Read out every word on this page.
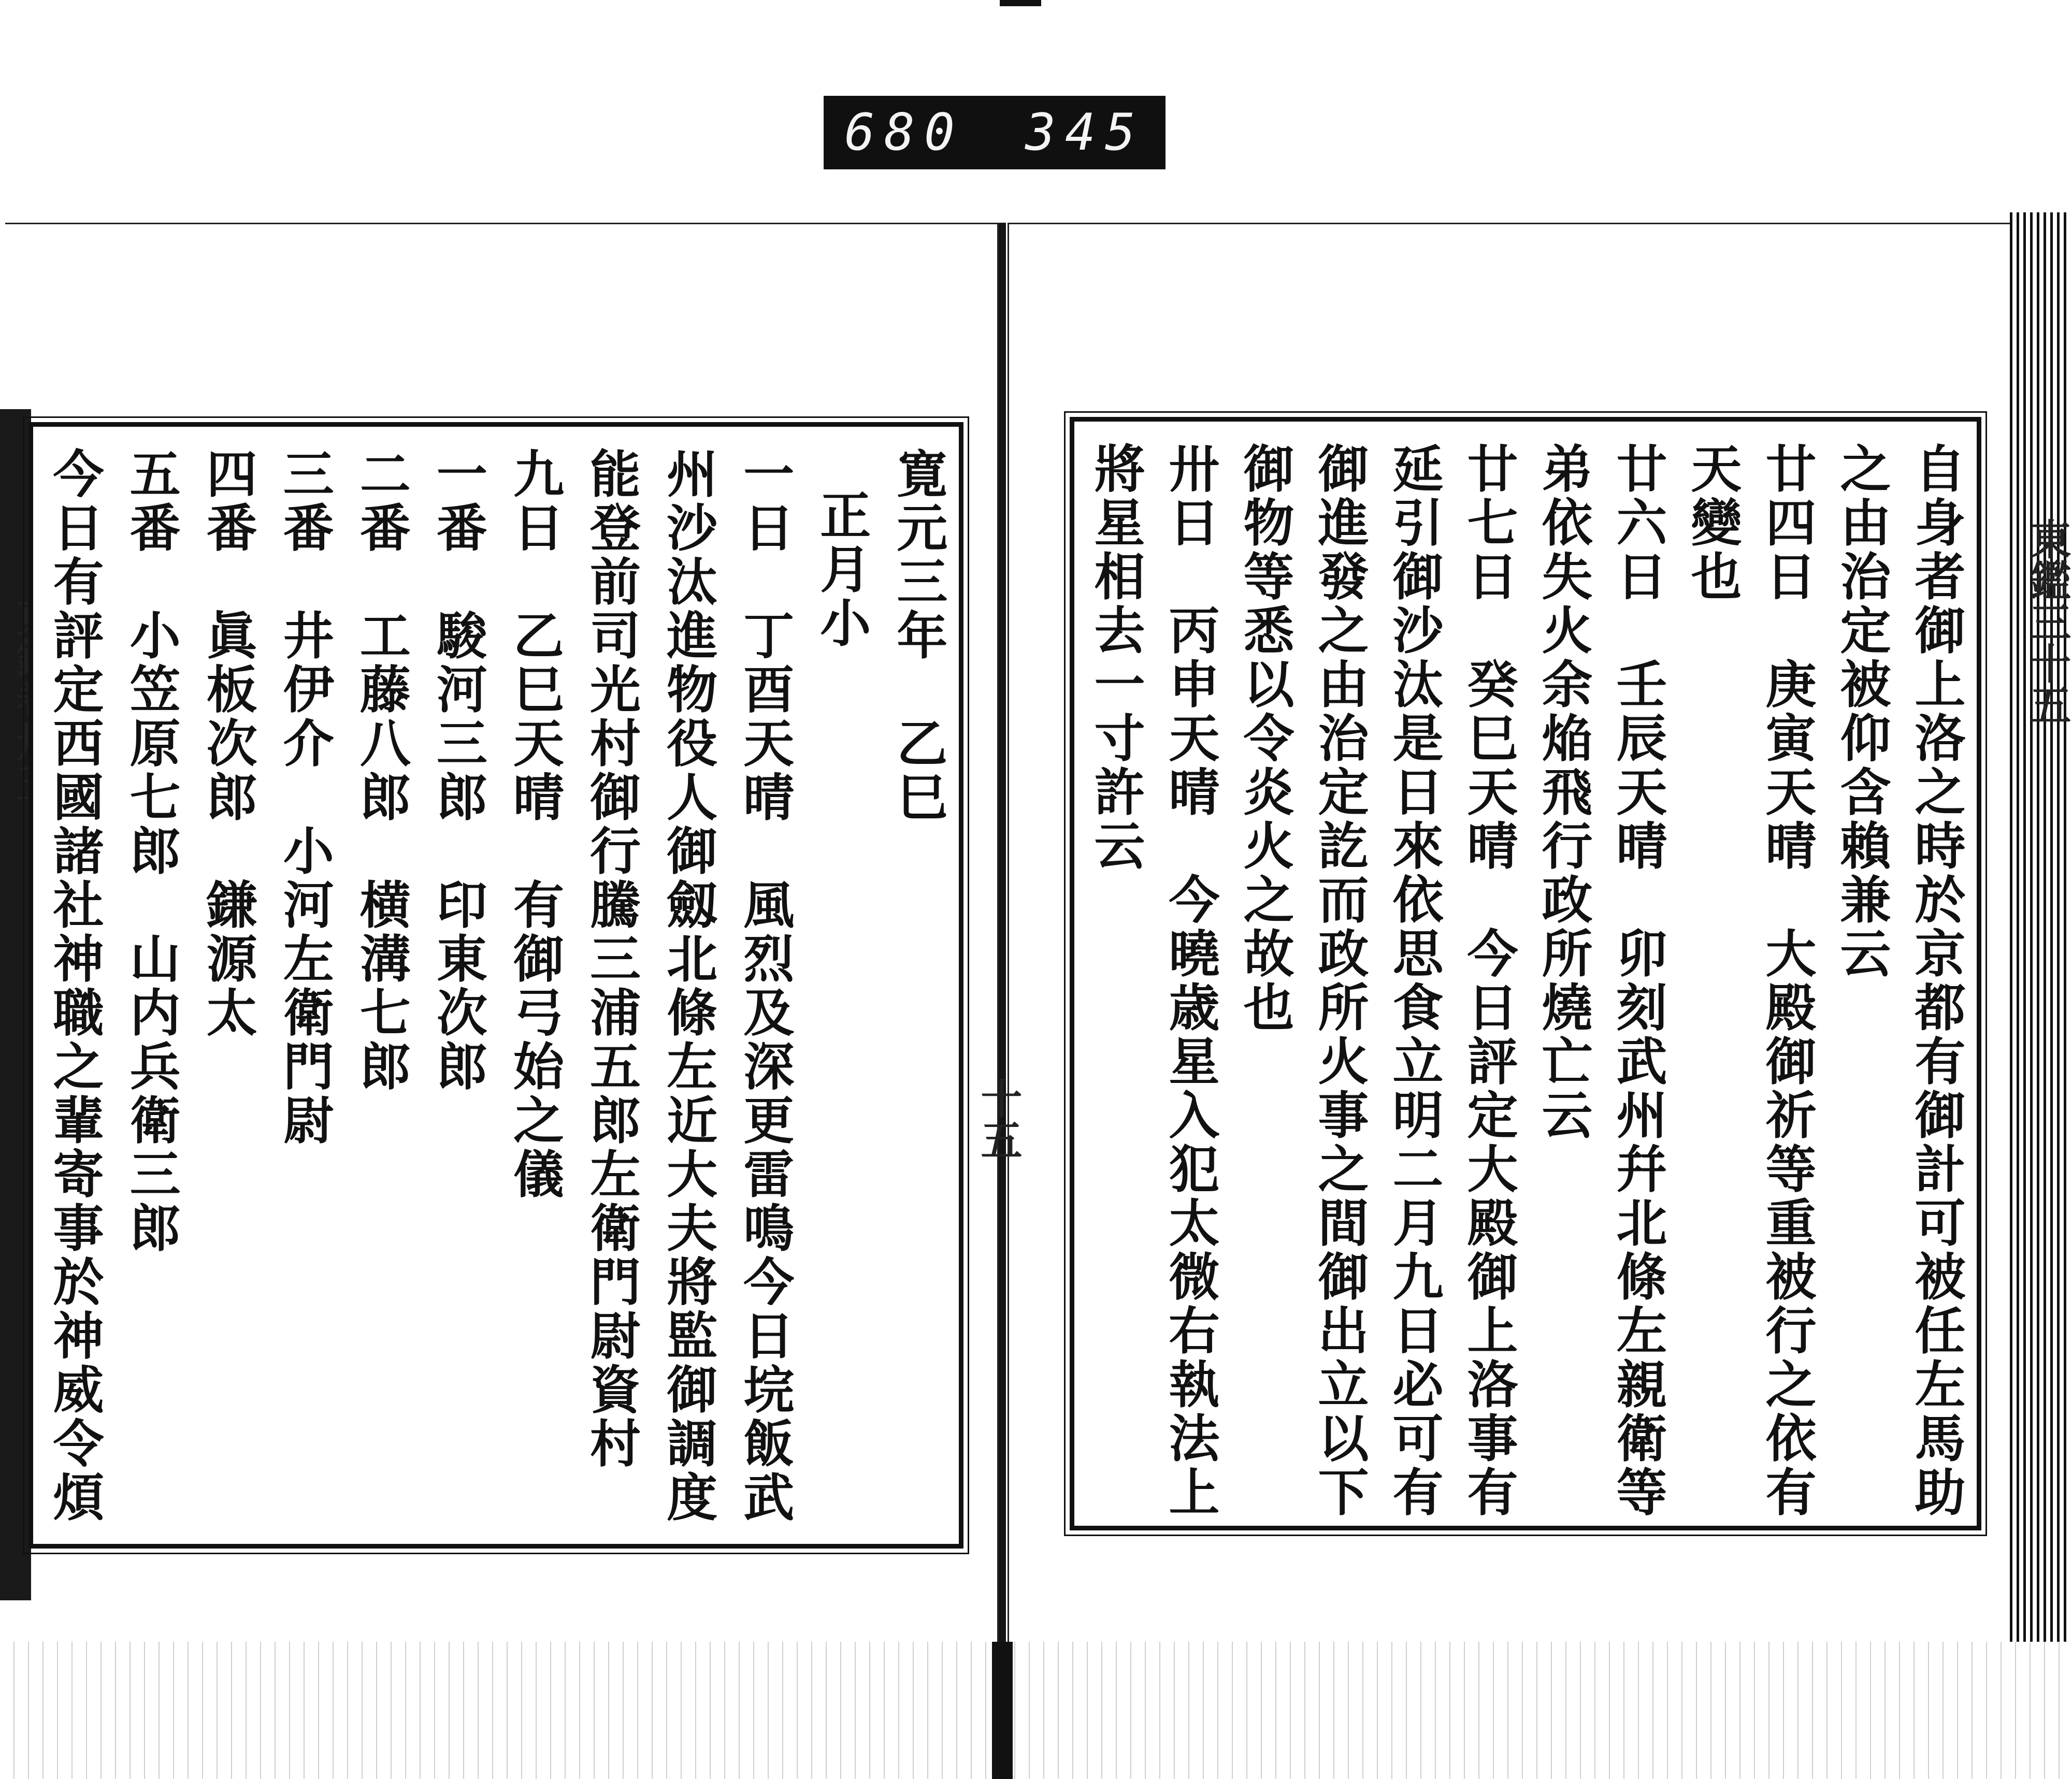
680 345
十五
東鑑三十五
寛元三年　乙巳
正月小
一日　丁酉天晴　風烈及深更雷鳴今日垸飯武
州沙汰進物役人御劔北條左近大夫將監御調度
能登前司光村御行騰三浦五郎左衛門尉資村
九日　乙巳天晴　有御弓始之儀
一番　駿河三郎　印東次郎
二番　工藤八郎　横溝七郎
三番　井伊介　小河左衛門尉
四番　眞板次郎　鎌源太
五番　小笠原七郎　山内兵衛三郎
今日有評定西國諸社神職之輩寄事於神威令煩	自身者御上洛之時於京都有御計可被任左馬助
之由治定被仰含賴兼云
廿四日　庚寅天晴　大殿御祈等重被行之依有
天變也
廿六日　壬辰天晴　卯刻武州幷北條左親衛等
弟依失火余焔飛行政所燒亡云
廿七日　癸巳天晴　今日評定大殿御上洛事有
延引御沙汰是日來依思食立明二月九日必可有
御進發之由治定訖而政所火事之間御出立以下
御物等悉以令炎火之故也
卅日　丙申天晴　今曉歳星入犯太微右執法上
將星相去一寸許云
